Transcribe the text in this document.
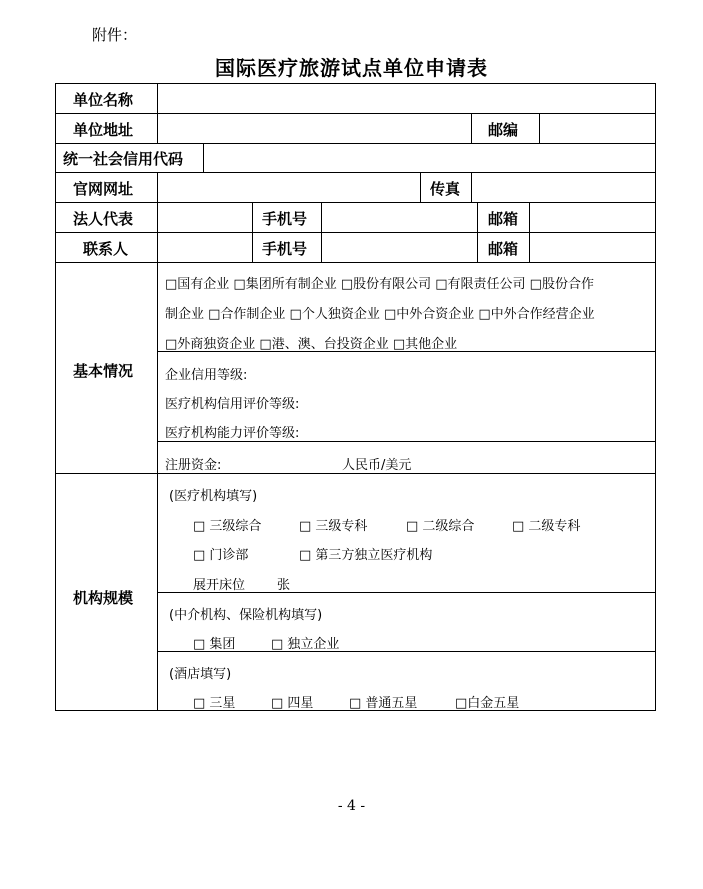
附件：
国际医疗旅游试点单位申请表
单位名称
单位地址	邮编
统一社会信用代码
官网网址	传真
法人代表	手机号	邮箱
联系人	手机号	邮箱
基本情况
□国有企业 □集团所有制企业 □股份有限公司 □有限责任公司 □股份合作
制企业 □合作制企业 □个人独资企业 □中外合资企业 □中外合作经营企业
□外商独资企业 □港、澳、台投资企业 □其他企业
企业信用等级:
医疗机构信用评价等级:
医疗机构能力评价等级:
注册资金:	人民币/美元
机构规模
(医疗机构填写)
□ 三级综合	□ 三级专科	□ 二级综合	□ 二级专科
□ 门诊部	□ 第三方独立医疗机构
展开床位 张
(中介机构、保险机构填写)
□ 集团	□ 独立企业
(酒店填写)
□ 三星	□ 四星	□ 普通五星	□白金五星
- 4 -
